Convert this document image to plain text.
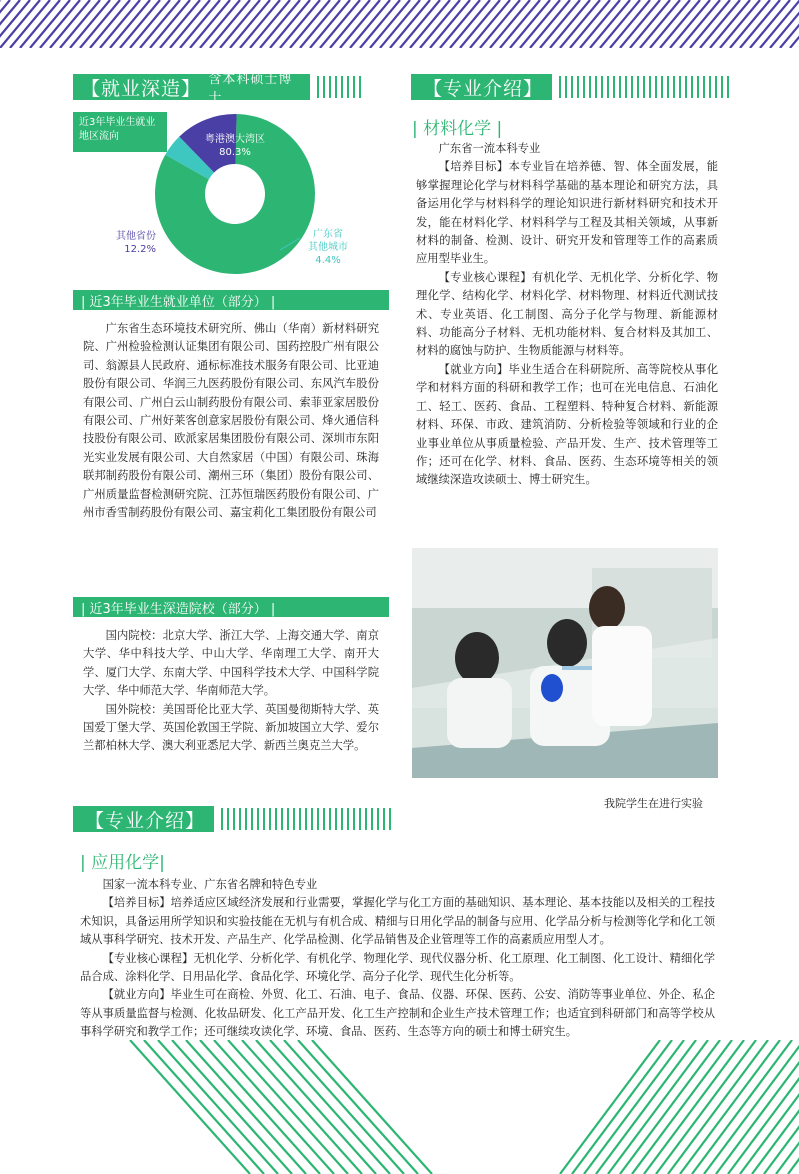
【就业深造】 含本科硕士博士
近3年毕业生就业地区流向	粤港澳大湾区
80.3%
其他省份
12.2%
广东省
其他城市
4.4%
| 近3年毕业生就业单位（部分） |

广东省生态环境技术研究所、佛山（华南）新材料研究院、广州检验检测认证集团有限公司、国药控股广州有限公司、翁源县人民政府、通标标准技术服务有限公司、比亚迪股份有限公司、华润三九医药股份有限公司、东风汽车股份有限公司、广州白云山制药股份有限公司、索菲亚家居股份有限公司、广州好莱客创意家居股份有限公司、烽火通信科技股份有限公司、欧派家居集团股份有限公司、深圳市东阳光实业发展有限公司、大自然家居（中国）有限公司、珠海联邦制药股份有限公司、潮州三环（集团）股份有限公司、广州质量监督检测研究院、江苏恒瑞医药股份有限公司、广州市香雪制药股份有限公司、嘉宝莉化工集团股份有限公司

| 近3年毕业生深造院校（部分） |

国内院校：北京大学、浙江大学、上海交通大学、南京大学、华中科技大学、中山大学、华南理工大学、南开大学、厦门大学、东南大学、中国科学技术大学、中国科学院大学、华中师范大学、华南师范大学。

国外院校：美国哥伦比亚大学、英国曼彻斯特大学、英国爱丁堡大学、英国伦敦国王学院、新加坡国立大学、爱尔兰都柏林大学、澳大利亚悉尼大学、新西兰奥克兰大学。

【专业介绍】
| 材料化学 |

广东省一流本科专业

【培养目标】本专业旨在培养德、智、体全面发展，能够掌握理论化学与材料科学基础的基本理论和研究方法，具备运用化学与材料科学的理论知识进行新材料研究和技术开发，能在材料化学、材料科学与工程及其相关领域，从事新材料的制备、检测、设计、研究开发和管理等工作的高素质应用型毕业生。

【专业核心课程】有机化学、无机化学、分析化学、物理化学、结构化学、材料化学、材料物理、材料近代测试技术、专业英语、化工制图、高分子化学与物理、新能源材料、功能高分子材料、无机功能材料、复合材料及其加工、材料的腐蚀与防护、生物质能源与材料等。

【就业方向】毕业生适合在科研院所、高等院校从事化学和材料方面的科研和教学工作；也可在光电信息、石油化工、轻工、医药、食品、工程塑料、特种复合材料、新能源材料、环保、市政、建筑消防、分析检验等领域和行业的企业事业单位从事质量检验、产品开发、生产、技术管理等工作；还可在化学、材料、食品、医药、生态环境等相关的领域继续深造攻读硕士、博士研究生。

我院学生在进行实验
【专业介绍】
| 应用化学|

国家一流本科专业、广东省名牌和特色专业

【培养目标】培养适应区域经济发展和行业需要，掌握化学与化工方面的基础知识、基本理论、基本技能以及相关的工程技术知识，具备运用所学知识和实验技能在无机与有机合成、精细与日用化学品的制备与应用、化学品分析与检测等化学和化工领域从事科学研究、技术开发、产品生产、化学品检测、化学品销售及企业管理等工作的高素质应用型人才。

【专业核心课程】无机化学、分析化学、有机化学、物理化学、现代仪器分析、化工原理、化工制图、化工设计、精细化学品合成、涂料化学、日用品化学、食品化学、环境化学、高分子化学、现代生化分析等。

【就业方向】毕业生可在商检、外贸、化工、石油、电子、食品、仪器、环保、医药、公安、消防等事业单位、外企、私企等从事质量监督与检测、化妆品研发、化工产品开发、化工生产控制和企业生产技术管理工作；也适宜到科研部门和高等学校从事科学研究和教学工作；还可继续攻读化学、环境、食品、医药、生态等方向的硕士和博士研究生。
